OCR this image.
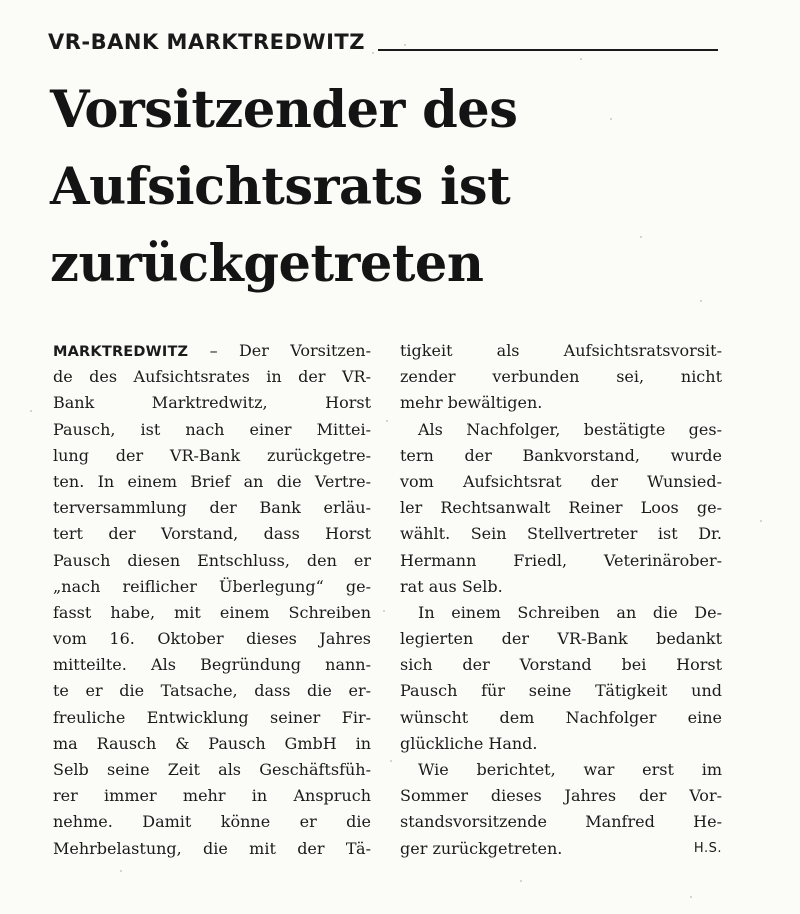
VR-BANK MARKTREDWITZ
Vorsitzender des
Aufsichtsrats ist
zurückgetreten
MARKTREDWITZ – Der Vorsitzen-
de des Aufsichtsrates in der VR-
Bank Marktredwitz, Horst
Pausch, ist nach einer Mittei-
lung der VR-Bank zurückgetre-
ten. In einem Brief an die Vertre-
terversammlung der Bank erläu-
tert der Vorstand, dass Horst
Pausch diesen Entschluss, den er
„nach reiflicher Überlegung“ ge-
fasst habe, mit einem Schreiben
vom 16. Oktober dieses Jahres
mitteilte. Als Begründung nann-
te er die Tatsache, dass die er-
freuliche Entwicklung seiner Fir-
ma Rausch & Pausch GmbH in
Selb seine Zeit als Geschäftsfüh-
rer immer mehr in Anspruch
nehme. Damit könne er die
Mehrbelastung, die mit der Tä-
tigkeit als Aufsichtsratsvorsit-
zender verbunden sei, nicht
mehr bewältigen.
Als Nachfolger, bestätigte ges-
tern der Bankvorstand, wurde
vom Aufsichtsrat der Wunsied-
ler Rechtsanwalt Reiner Loos ge-
wählt. Sein Stellvertreter ist Dr.
Hermann Friedl, Veterinärober-
rat aus Selb.
In einem Schreiben an die De-
legierten der VR-Bank bedankt
sich der Vorstand bei Horst
Pausch für seine Tätigkeit und
wünscht dem Nachfolger eine
glückliche Hand.
Wie berichtet, war erst im
Sommer dieses Jahres der Vor-
standsvorsitzende Manfred He-
ger zurückgetreten.	H.S.
